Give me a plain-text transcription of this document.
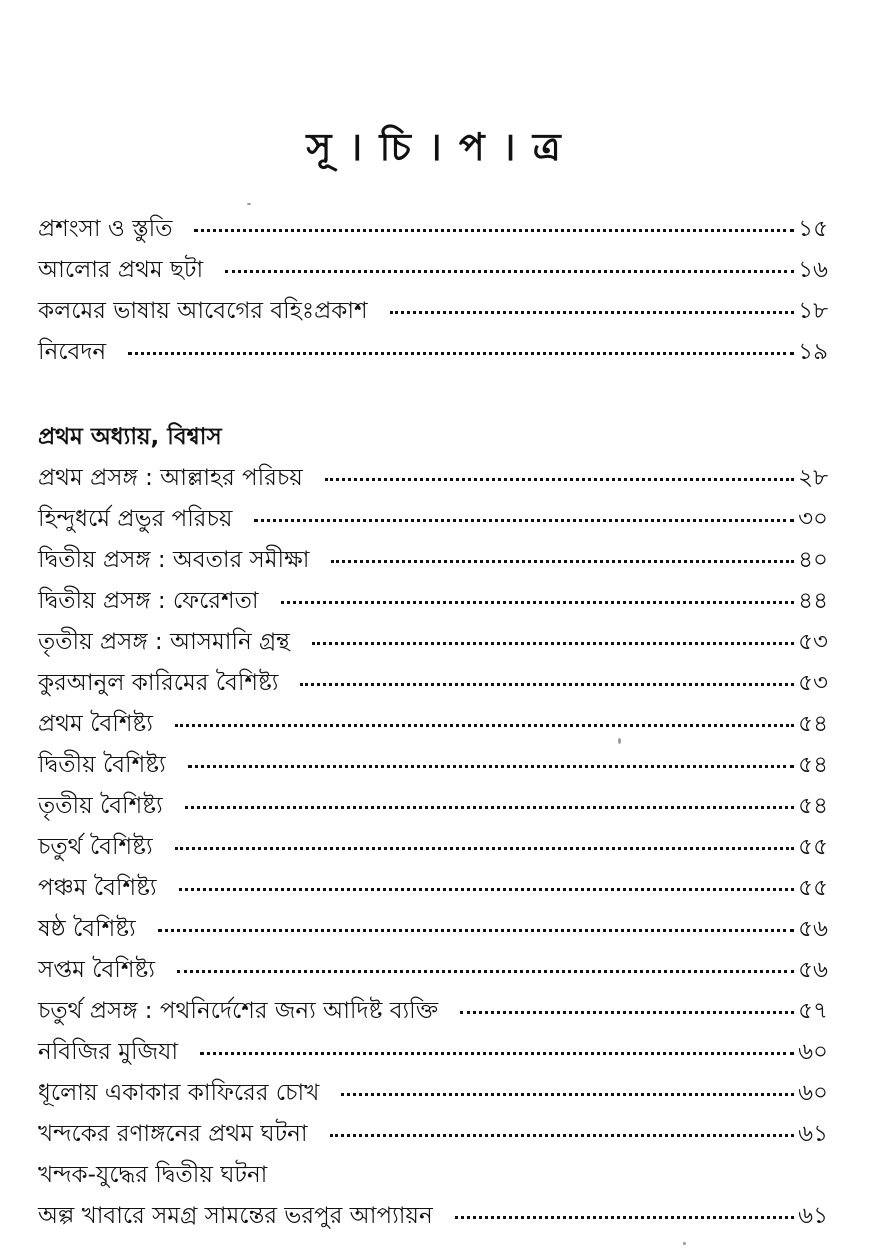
সূ । চি । প । ত্র
প্রশংসা ও স্তুতি	১৫
আলোর প্রথম ছটা	১৬
কলমের ভাষায় আবেগের বহিঃপ্রকাশ	১৮
নিবেদন	১৯
প্রথম অধ্যায়, বিশ্বাস
প্রথম প্রসঙ্গ : আল্লাহর পরিচয়	২৮
হিন্দুধর্মে প্রভুর পরিচয়	৩০
দ্বিতীয় প্রসঙ্গ : অবতার সমীক্ষা	৪০
দ্বিতীয় প্রসঙ্গ : ফেরেশতা	৪৪
তৃতীয় প্রসঙ্গ : আসমানি গ্রন্থ	৫৩
কুরআনুল কারিমের বৈশিষ্ট্য	৫৩
প্রথম বৈশিষ্ট্য	৫৪
দ্বিতীয় বৈশিষ্ট্য	৫৪
তৃতীয় বৈশিষ্ট্য	৫৪
চতুর্থ বৈশিষ্ট্য	৫৫
পঞ্চম বৈশিষ্ট্য	৫৫
ষষ্ঠ বৈশিষ্ট্য	৫৬
সপ্তম বৈশিষ্ট্য	৫৬
চতুর্থ প্রসঙ্গ : পথনির্দেশের জন্য আদিষ্ট ব্যক্তি	৫৭
নবিজির মুজিযা	৬০
ধূলোয় একাকার কাফিরের চোখ	৬০
খন্দকের রণাঙ্গনের প্রথম ঘটনা	৬১
খন্দক-যুদ্ধের দ্বিতীয় ঘটনা
অল্প খাবারে সমগ্র সামন্তের ভরপুর আপ্যায়ন	৬১
